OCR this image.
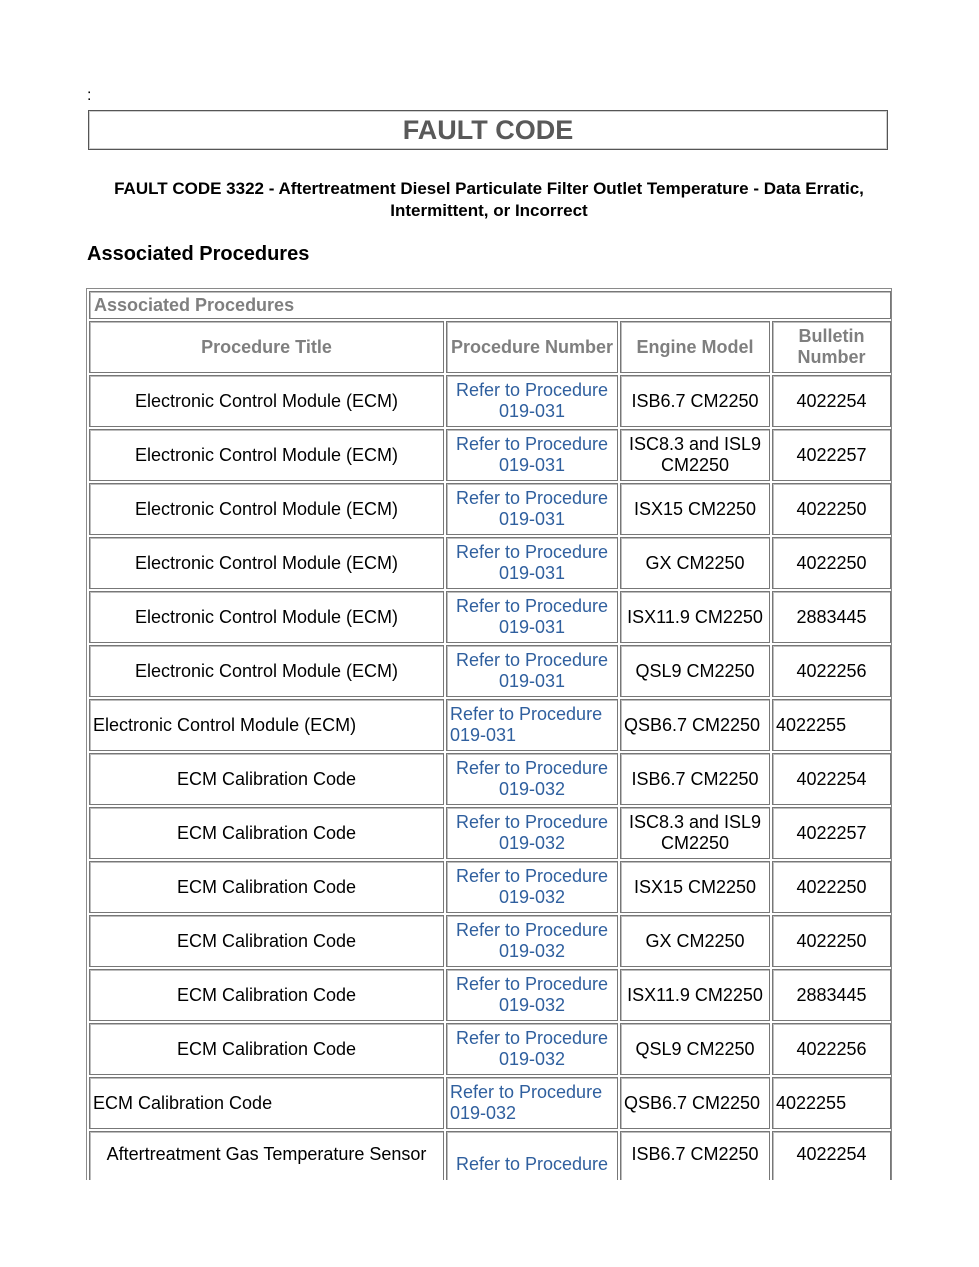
:
FAULT CODE
FAULT CODE 3322 - Aftertreatment Diesel Particulate Filter Outlet Temperature - Data Erratic, Intermittent, or Incorrect
Associated Procedures
Associated Procedures			
Procedure Title	Procedure Number	Engine Model	Bulletin Number
Electronic Control Module (ECM)	Refer to Procedure 019-031	ISB6.7 CM2250	4022254
Electronic Control Module (ECM)	Refer to Procedure 019-031	ISC8.3 and ISL9 CM2250	4022257
Electronic Control Module (ECM)	Refer to Procedure 019-031	ISX15 CM2250	4022250
Electronic Control Module (ECM)	Refer to Procedure 019-031	GX CM2250	4022250
Electronic Control Module (ECM)	Refer to Procedure 019-031	ISX11.9 CM2250	2883445
Electronic Control Module (ECM)	Refer to Procedure 019-031	QSL9 CM2250	4022256
Electronic Control Module (ECM)	Refer to Procedure 019-031	QSB6.7 CM2250	4022255
ECM Calibration Code	Refer to Procedure 019-032	ISB6.7 CM2250	4022254
ECM Calibration Code	Refer to Procedure 019-032	ISC8.3 and ISL9 CM2250	4022257
ECM Calibration Code	Refer to Procedure 019-032	ISX15 CM2250	4022250
ECM Calibration Code	Refer to Procedure 019-032	GX CM2250	4022250
ECM Calibration Code	Refer to Procedure 019-032	ISX11.9 CM2250	2883445
ECM Calibration Code	Refer to Procedure 019-032	QSL9 CM2250	4022256
ECM Calibration Code	Refer to Procedure 019-032	QSB6.7 CM2250	4022255
Aftertreatment Gas Temperature Sensor	Refer to Procedure	ISB6.7 CM2250	4022254
